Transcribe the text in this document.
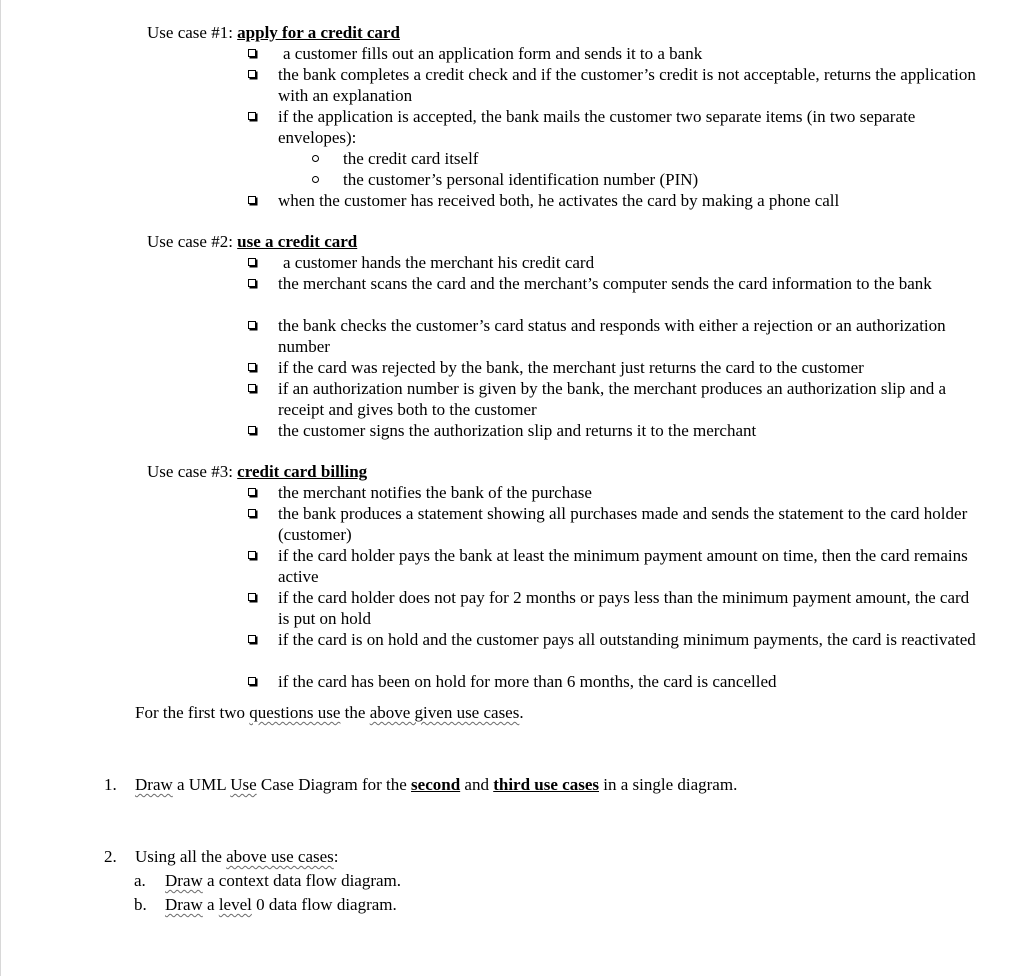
Use case #1: apply for a credit card
a customer fills out an application form and sends it to a bank
the bank completes a credit check and if the customer’s credit is not acceptable, returns the application with an explanation
if the application is accepted, the bank mails the customer two separate items (in two separate envelopes):
the credit card itself
the customer’s personal identification number (PIN)
when the customer has received both, he activates the card by making a phone call
Use case #2: use a credit card
a customer hands the merchant his credit card
the merchant scans the card and the merchant’s computer sends the card information to the bank
the bank checks the customer’s card status and responds with either a rejection or an authorization number
if the card was rejected by the bank, the merchant just returns the card to the customer
if an authorization number is given by the bank, the merchant produces an authorization slip and a receipt and gives both to the customer
the customer signs the authorization slip and returns it to the merchant
Use case #3: credit card billing
the merchant notifies the bank of the purchase
the bank produces a statement showing all purchases made and sends the statement to the card holder (customer)
if the card holder pays the bank at least the minimum payment amount on time, then the card remains active
if the card holder does not pay for 2 months or pays less than the minimum payment amount, the card is put on hold
if the card is on hold and the customer pays all outstanding minimum payments, the card is reactivated
if the card has been on hold for more than 6 months, the card is cancelled
For the first two questions use the above given use cases.
1. Draw a UML Use Case Diagram for the second and third use cases in a single diagram.
2. Using all the above use cases:
a. Draw a context data flow diagram.
b. Draw a level 0 data flow diagram.
